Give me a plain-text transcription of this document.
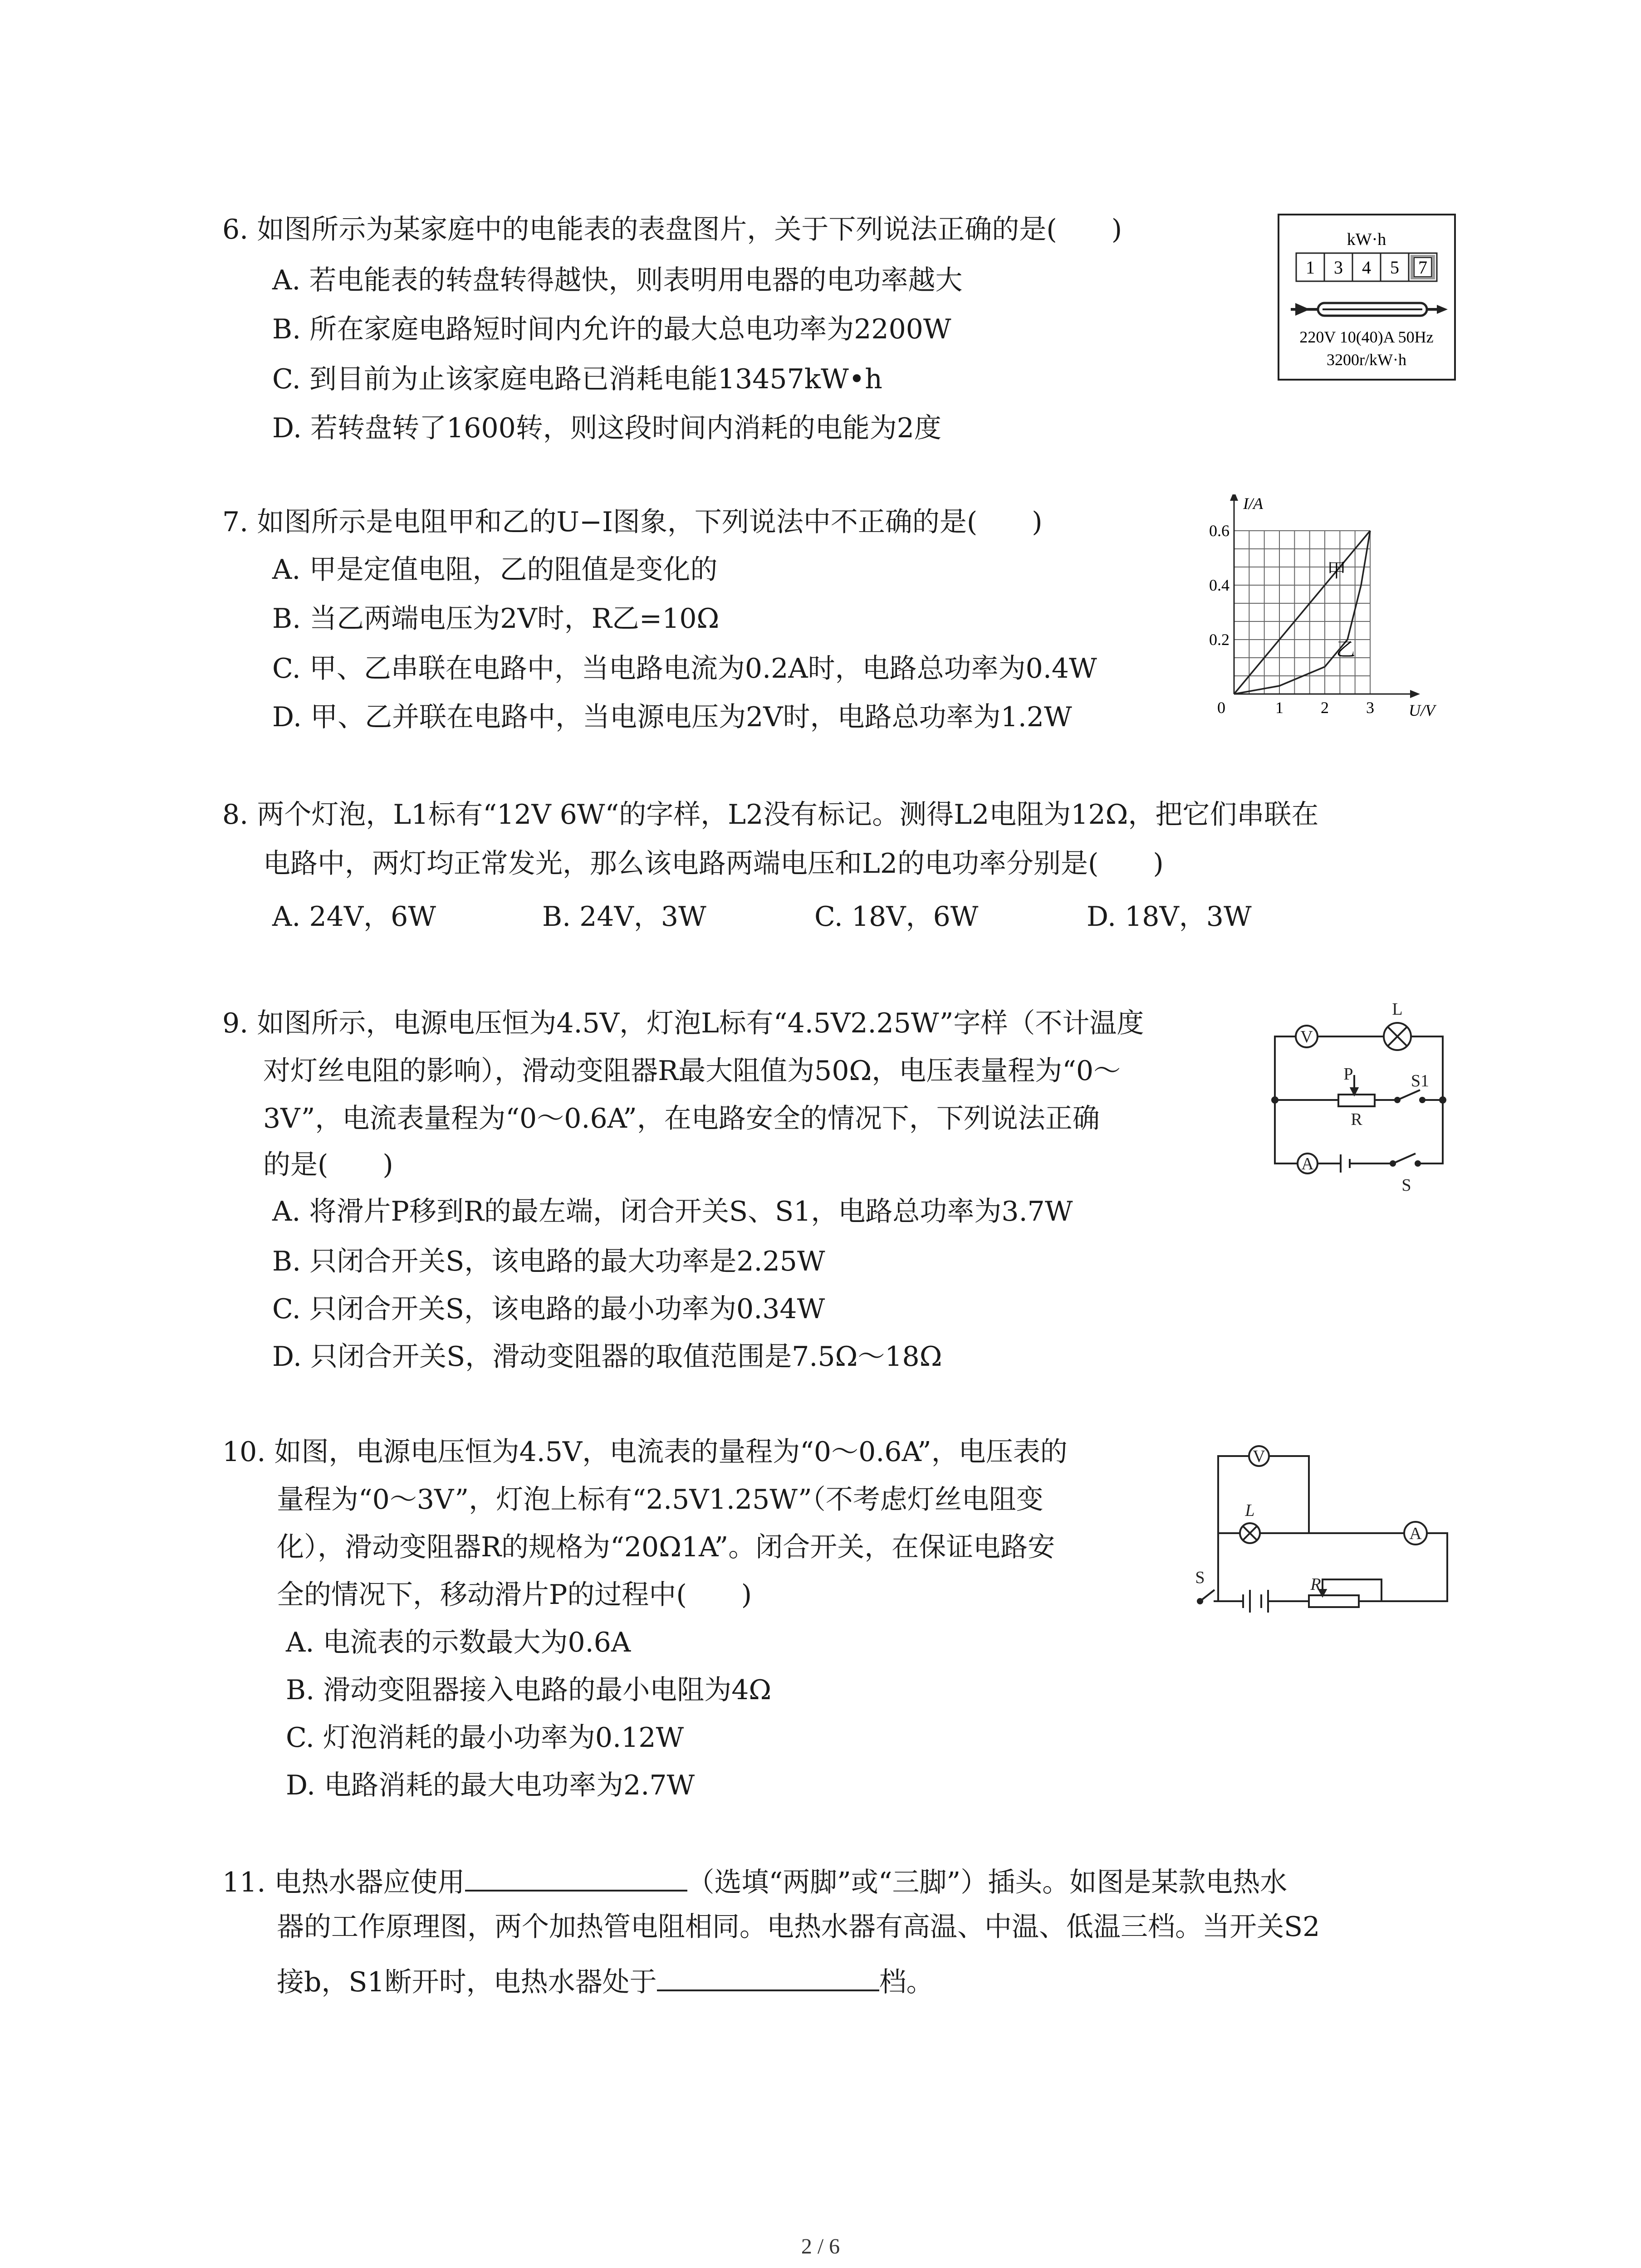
6. 如图所示为某家庭中的电能表的表盘图片，关于下列说法正确的是(　　)
A. 若电能表的转盘转得越快，则表明用电器的电功率越大
B. 所在家庭电路短时间内允许的最大总电功率为2200W
C. 到目前为止该家庭电路已消耗电能13457kW•h
D. 若转盘转了1600转，则这段时间内消耗的电能为2度
kW·h
1 3 4 5 7
220V 10(40)A 50Hz
3200r/kW·h
7. 如图所示是电阻甲和乙的U−I图象，下列说法中不正确的是(　　)
A. 甲是定值电阻，乙的阻值是变化的
B. 当乙两端电压为2V时，R乙=10Ω
C. 甲、乙串联在电路中，当电路电流为0.2A时，电路总功率为0.4W
D. 甲、乙并联在电路中，当电源电压为2V时，电路总功率为1.2W	0	1 2 3
0.2
0.4
0.6
U/V
I/A
甲
乙
8. 两个灯泡，L1标有“12V 6W“的字样，L2没有标记。测得L2电阻为12Ω，把它们串联在
电路中，两灯均正常发光，那么该电路两端电压和L2的电功率分别是(　　)
A. 24V，6W	B. 24V，3W	C. 18V，6W	D. 18V，3W
9. 如图所示，电源电压恒为4.5V，灯泡L标有“4.5V2.25W”字样（不计温度
对灯丝电阻的影响），滑动变阻器R最大阻值为50Ω，电压表量程为“0～
3V”，电流表量程为“0～0.6A”，在电路安全的情况下，下列说法正确
的是(　　)
A. 将滑片P移到R的最左端，闭合开关S、S1，电路总功率为3.7W
B. 只闭合开关S，该电路的最大功率是2.25W
C. 只闭合开关S，该电路的最小功率为0.34W
D. 只闭合开关S，滑动变阻器的取值范围是7.5Ω～18Ω
V
L
P	S1
R
A
S
10. 如图，电源电压恒为4.5V，电流表的量程为“0～0.6A”，电压表的
量程为“0～3V”，灯泡上标有“2.5V1.25W”（不考虑灯丝电阻变
化），滑动变阻器R的规格为“20Ω1A”。闭合开关，在保证电路安
全的情况下，移动滑片P的过程中(　　)
A. 电流表的示数最大为0.6A
B. 滑动变阻器接入电路的最小电阻为4Ω
C. 灯泡消耗的最小功率为0.12W
D. 电路消耗的最大电功率为2.7W
V
L
A
S	R
11. 电热水器应使用	（选填“两脚”或“三脚”）插头。如图是某款电热水
器的工作原理图，两个加热管电阻相同。电热水器有高温、中温、低温三档。当开关S2
接b，S1断开时，电热水器处于	档。
2 / 6
